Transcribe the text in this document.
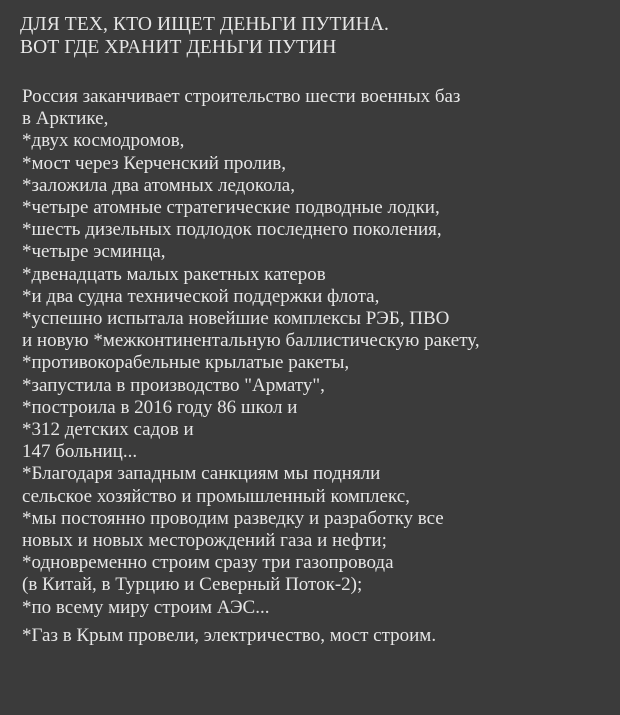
ДЛЯ ТЕХ, КТО ИЩЕТ ДЕНЬГИ ПУТИНА.
ВОТ ГДЕ ХРАНИТ ДЕНЬГИ ПУТИН
Россия заканчивает строительство шести военных баз
в Арктике,
*двух космодромов,
*мост через Керченский пролив,
*заложила два атомных ледокола,
*четыре атомные стратегические подводные лодки,
*шесть дизельных подлодок последнего поколения,
*четыре эсминца,
*двенадцать малых ракетных катеров
*и два судна технической поддержки флота,
*успешно испытала новейшие комплексы РЭБ, ПВО
и новую *межконтинентальную баллистическую ракету,
*противокорабельные крылатые ракеты,
*запустила в производство "Армату",
*построила в 2016 году 86 школ и
*312 детских садов и
147 больниц...
*Благодаря западным санкциям мы подняли
сельское хозяйство и промышленный комплекс,
*мы постоянно проводим разведку и разработку все
новых и новых месторождений газа и нефти;
*одновременно строим сразу три газопровода
(в Китай, в Турцию и Северный Поток-2);
*по всему миру строим АЭС...
*Газ в Крым провели, электричество, мост строим.
